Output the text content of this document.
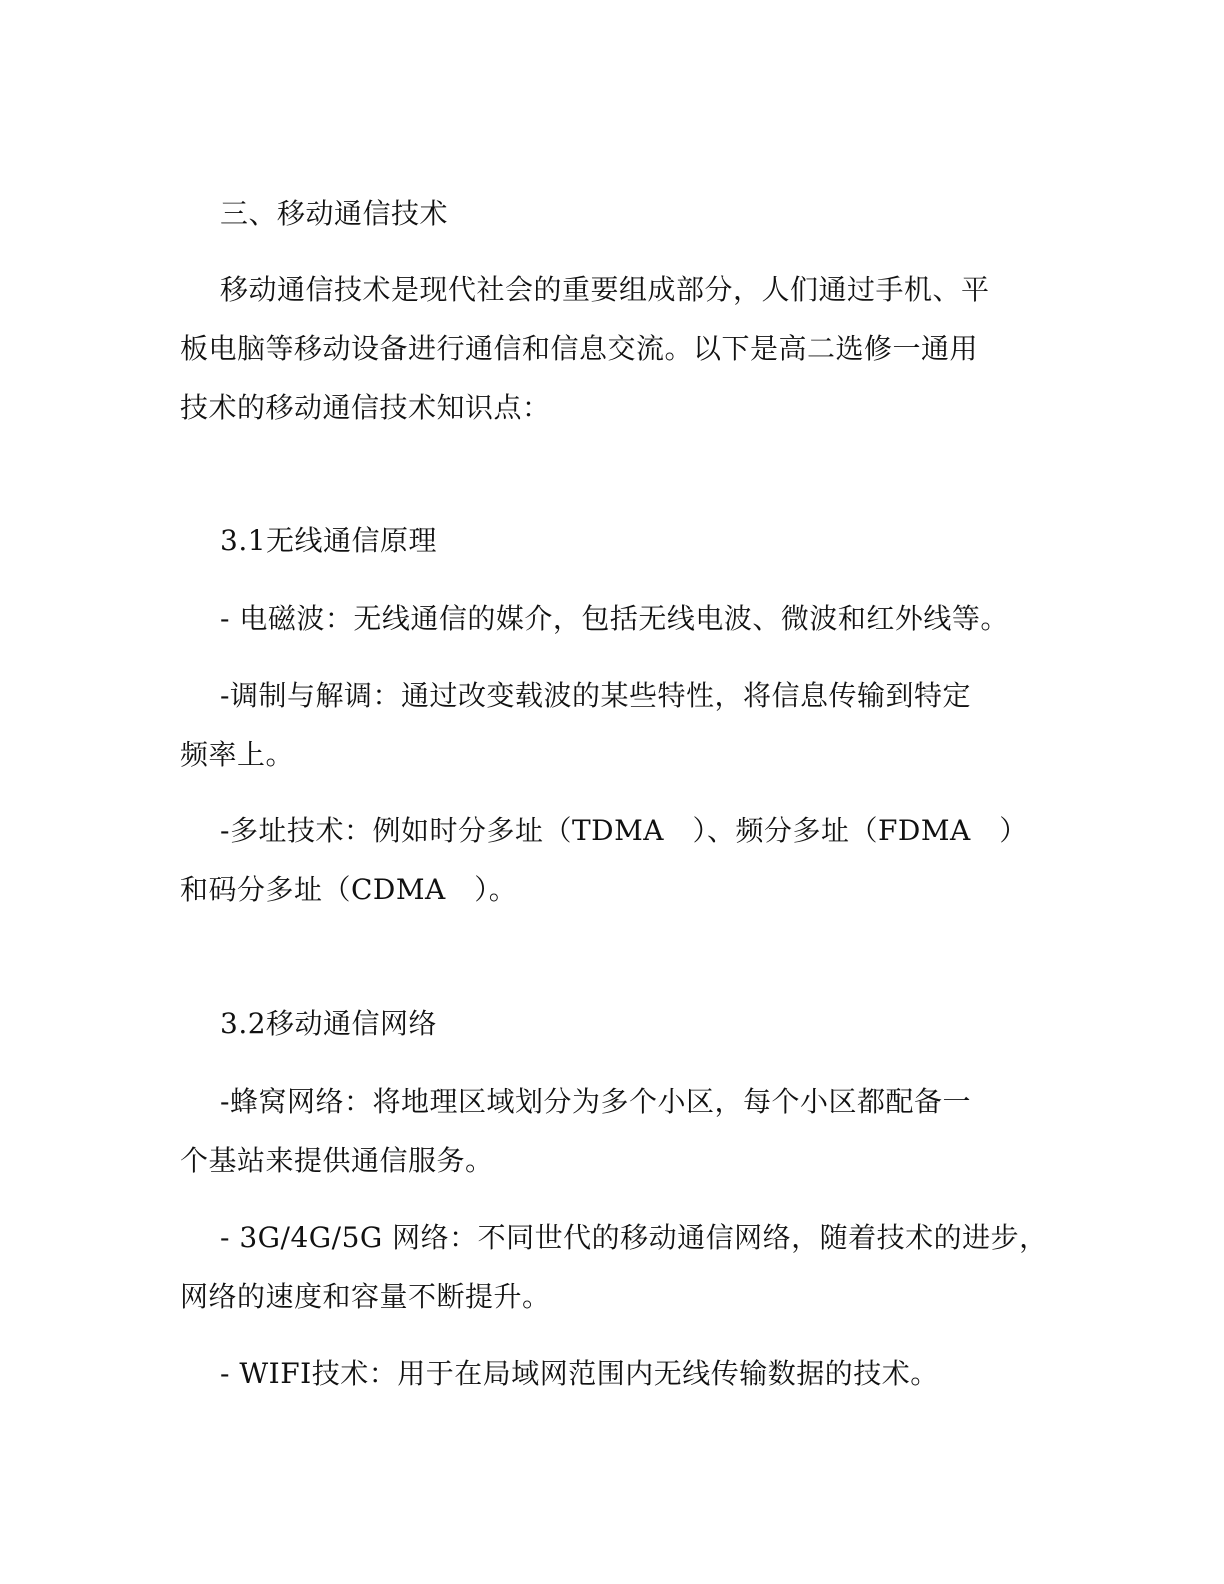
三、移动通信技术
移动通信技术是现代社会的重要组成部分，人们通过手机、平
板电脑等移动设备进行通信和信息交流。以下是高二选修一通用
技术的移动通信技术知识点：
3.1无线通信原理
- 电磁波：无线通信的媒介，包括无线电波、微波和红外线等。
-调制与解调：通过改变载波的某些特性，将信息传输到特定
频率上。
-多址技术：例如时分多址（TDMA　）、频分多址（FDMA　）
和码分多址（CDMA　）。
3.2移动通信网络
-蜂窝网络：将地理区域划分为多个小区，每个小区都配备一
个基站来提供通信服务。
- 3G/4G/5G 网络：不同世代的移动通信网络，随着技术的进步，
网络的速度和容量不断提升。
- WIFI技术：用于在局域网范围内无线传输数据的技术。
